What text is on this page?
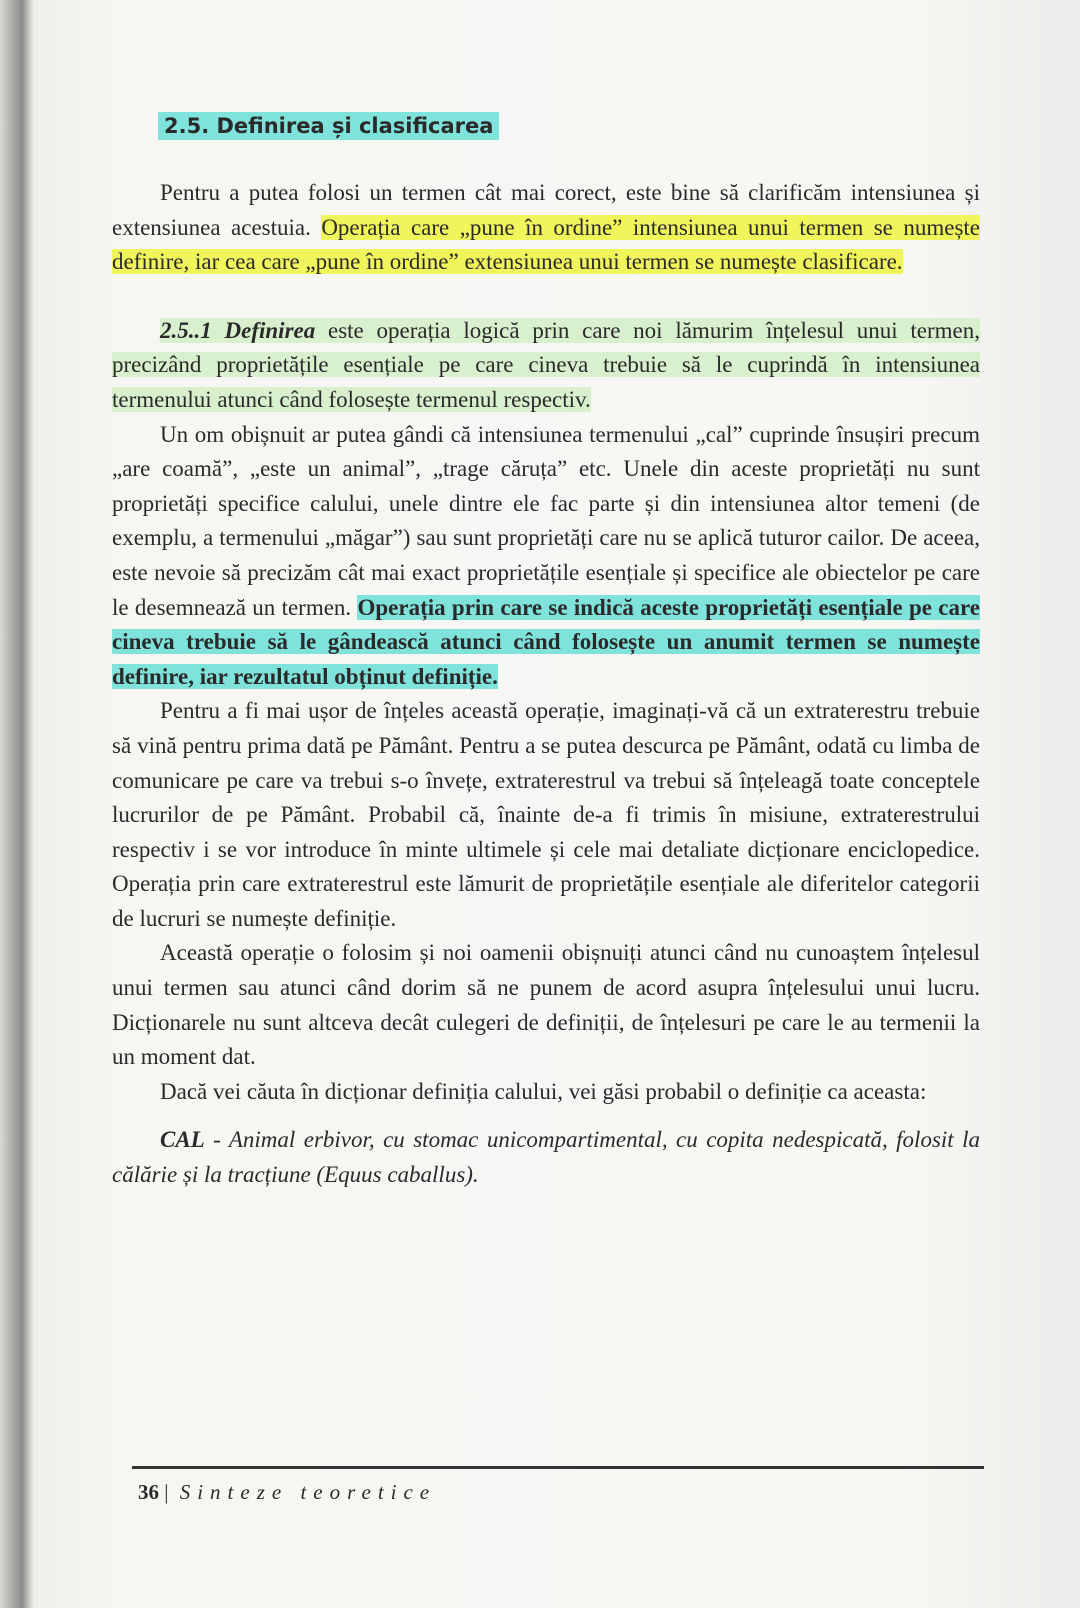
2.5. Definirea și clasificarea

Pentru a putea folosi un termen cât mai corect, este bine să clarificăm intensiunea și extensiunea acestuia. Operația care „pune în ordine” intensiunea unui termen se numește definire, iar cea care „pune în ordine” extensiunea unui termen se numește clasificare.

2.5..1 Definirea este operația logică prin care noi lămurim înțelesul unui termen, precizând proprietățile esențiale pe care cineva trebuie să le cuprindă în intensiunea termenului atunci când folosește termenul respectiv.

Un om obișnuit ar putea gândi că intensiunea termenului „cal” cuprinde însușiri precum „are coamă”, „este un animal”, „trage căruța” etc. Unele din aceste proprietăți nu sunt proprietăți specifice calului, unele dintre ele fac parte și din intensiunea altor temeni (de exemplu, a termenului „măgar”) sau sunt proprietăți care nu se aplică tuturor cailor. De aceea, este nevoie să precizăm cât mai exact proprietățile esențiale și specifice ale obiectelor pe care le desemnează un termen. Operația prin care se indică aceste proprietăți esențiale pe care cineva trebuie să le gândească atunci când folosește un anumit termen se numește definire, iar rezultatul obținut definiție.

Pentru a fi mai ușor de înțeles această operație, imaginați-vă că un extraterestru trebuie să vină pentru prima dată pe Pământ. Pentru a se putea descurca pe Pământ, odată cu limba de comunicare pe care va trebui s-o învețe, extraterestrul va trebui să înțeleagă toate conceptele lucrurilor de pe Pământ. Probabil că, înainte de-a fi trimis în misiune, extraterestrului respectiv i se vor introduce în minte ultimele și cele mai detaliate dicționare enciclopedice. Operația prin care extraterestrul este lămurit de proprietățile esențiale ale diferitelor categorii de lucruri se numește definiție.

Această operație o folosim și noi oamenii obișnuiți atunci când nu cunoaștem înțelesul unui termen sau atunci când dorim să ne punem de acord asupra înțelesului unui lucru. Dicționarele nu sunt altceva decât culegeri de definiții, de înțelesuri pe care le au termenii la un moment dat.

Dacă vei căuta în dicționar definiția calului, vei găsi probabil o definiție ca aceasta:

CAL - Animal erbivor, cu stomac unicompartimental, cu copita nedespicată, folosit la călărie și la tracțiune (Equus caballus).

36 | Sinteze teoretice
